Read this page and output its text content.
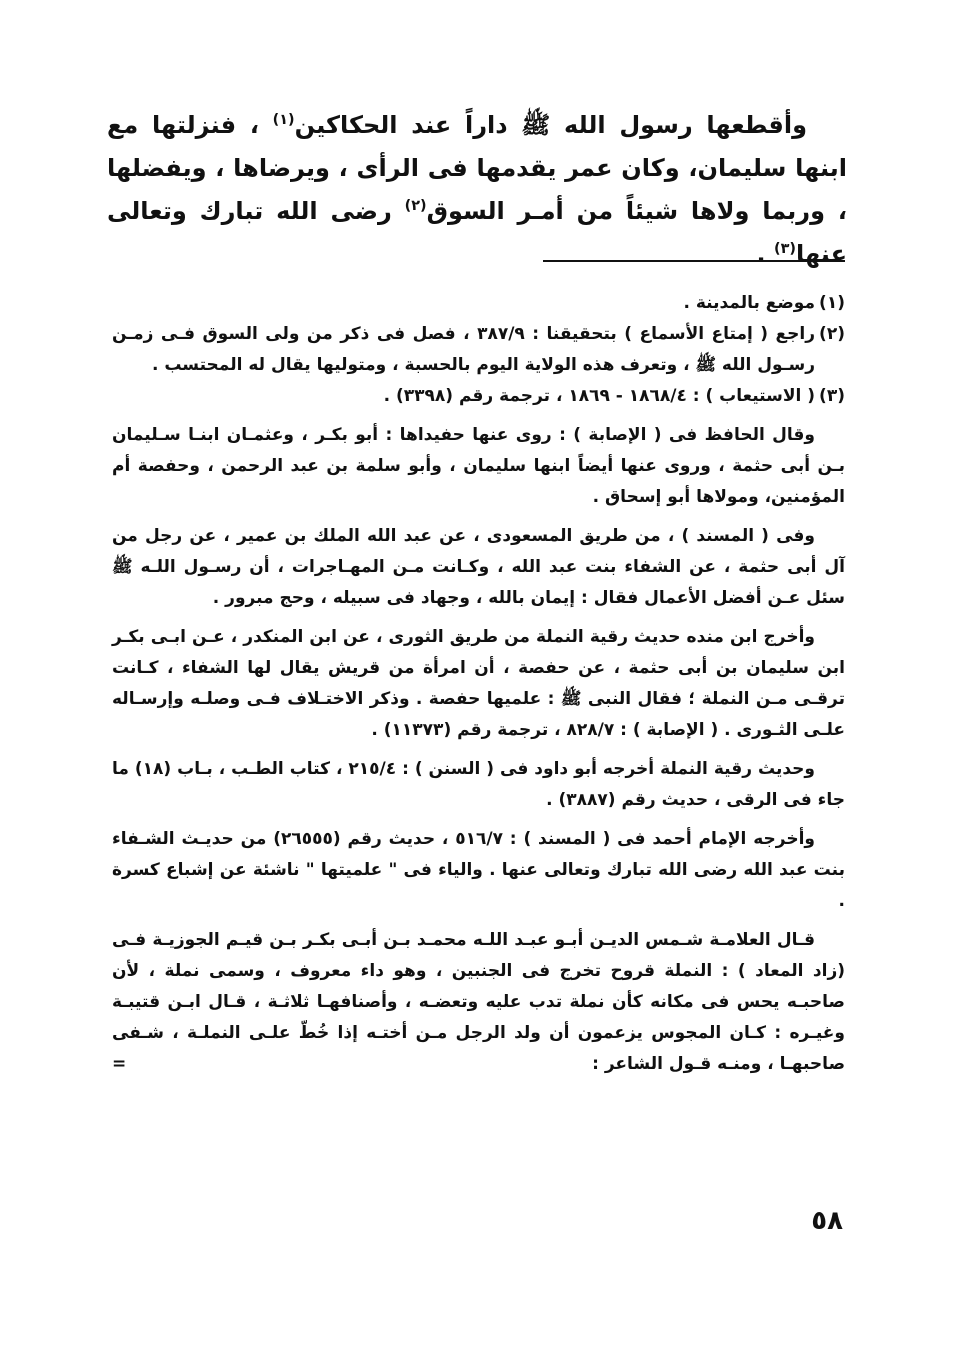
وأقطعها رسول الله ﷺ داراً عند الحكاكين$^{(١)}$ ، فنزلتها مع ابنها سليمان، وكان عمر يقدمها فى الرأى ، ويرضاها ، ويفضلها ، وربما ولاها شيئاً من أمـر السوق$^{(٢)}$ رضى الله تبارك وتعالى عنها$^{(٣)}$ .

(١)موضع بالمدينة .

(٢)راجع ( إمتاع الأسماع ) بتحقيقنا : ٣٨٧/٩ ، فصل فى ذكر من ولى السوق فـى زمـن رسـول الله ﷺ ، وتعرف هذه الولاية اليوم بالحسبة ، ومتوليها يقال له المحتسب .

(٣)( الاستيعاب ) : ١٨٦٨/٤ - ١٨٦٩ ، ترجمة رقم (٣٣٩٨) .

وقال الحافظ فى ( الإصابة ) : روى عنها حفيداها : أبو بكـر ، وعثمـان ابنـا سـليمان بـن أبى حثمة ، وروى عنها أيضاً ابنها سليمان ، وأبو سلمة بن عبد الرحمن ، وحفصة أم المؤمنين، ومولاها أبو إسحاق .

وفى ( المسند ) ، من طريق المسعودى ، عن عبد الله الملك بن عمير ، عن رجل من آل أبى حثمة ، عن الشفاء بنت عبد الله ، وكـانت مـن المهـاجرات ، أن رسـول اللـه ﷺ سئل عـن أفضل الأعمال فقال : إيمان بالله ، وجهاد فى سبيله ، وحج مبرور .

وأخرج ابن منده حديث رقية النملة من طريق الثورى ، عن ابن المنكدر ، عـن ابـى بكـر ابن سليمان بن أبى حثمة ، عن حفصة ، أن امرأة من قريش يقال لها الشفاء ، كـانت ترقـى مـن النملة ؛ فقال النبى ﷺ : علميها حفصة . وذكر الاختـلاف فـى وصلـه وإرسـاله علـى الثـورى . ( الإصابة ) : ٨٢٨/٧ ، ترجمة رقم (١١٣٧٣) .

وحديث رقية النملة أخرجه أبو داود فى ( السنن ) : ٢١٥/٤ ، كتاب الطـب ، بـاب (١٨) ما جاء فى الرقى ، حديث رقم (٣٨٨٧) .

وأخرجه الإمام أحمد فى ( المسند ) : ٥١٦/٧ ، حديث رقم (٢٦٥٥٥) من حديـث الشـفاء بنت عبد الله رضى الله تبارك وتعالى عنها . والياء فى " علميتها " ناشئة عن إشباع كسرة .

قـال العلامـة شـمس الديـن أبـو عبـد اللـه محمـد بـن أبـى بكـر بـن قيـم الجوزيـة فـى (زاد المعاد ) : النملة قروح تخرج فى الجنبين ، وهو داء معروف ، وسمى نملة ، لأن صاحبـه يحس فى مكانه كأن نملة تدب عليه وتعضـه ، وأصنافهـا ثلاثـة ، قـال ابـن قتيبـة وغيـره : كـان المجوس يزعمون أن ولد الرجل مـن أختـه إذا خُطّ علـى النملـة ، شـفى صاحبهـا ، ومنـه قـول الشاعر :
=

٥٨
